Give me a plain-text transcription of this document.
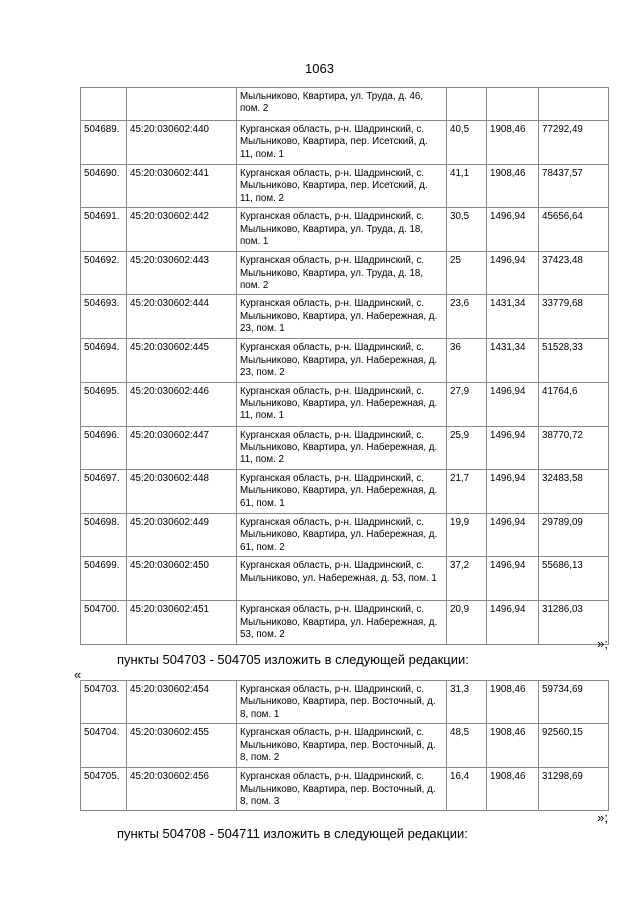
1063
		Мыльниково, Квартира, ул. Труда, д. 46, пом. 2			
504689.	45:20:030602:440	Курганская область, р-н. Шадринский, с. Мыльниково, Квартира, пер. Исетский, д. 11, пом. 1	40,5	1908,46	77292,49
504690.	45:20:030602:441	Курганская область, р-н. Шадринский, с. Мыльниково, Квартира, пер. Исетский, д. 11, пом. 2	41,1	1908,46	78437,57
504691.	45:20:030602:442	Курганская область, р-н. Шадринский, с. Мыльниково, Квартира, ул. Труда, д. 18, пом. 1	30,5	1496,94	45656,64
504692.	45:20:030602:443	Курганская область, р-н. Шадринский, с. Мыльниково, Квартира, ул. Труда, д. 18, пом. 2	25	1496,94	37423,48
504693.	45:20:030602:444	Курганская область, р-н. Шадринский, с. Мыльниково, Квартира, ул. Набережная, д. 23, пом. 1	23,6	1431,34	33779,68
504694.	45:20:030602:445	Курганская область, р-н. Шадринский, с. Мыльниково, Квартира, ул. Набережная, д. 23, пом. 2	36	1431,34	51528,33
504695.	45:20:030602:446	Курганская область, р-н. Шадринский, с. Мыльниково, Квартира, ул. Набережная, д. 11, пом. 1	27,9	1496,94	41764,6
504696.	45:20:030602:447	Курганская область, р-н. Шадринский, с. Мыльниково, Квартира, ул. Набережная, д. 11, пом. 2	25,9	1496,94	38770,72
504697.	45:20:030602:448	Курганская область, р-н. Шадринский, с. Мыльниково, Квартира, ул. Набережная, д. 61, пом. 1	21,7	1496,94	32483,58
504698.	45:20:030602:449	Курганская область, р-н. Шадринский, с. Мыльниково, Квартира, ул. Набережная, д. 61, пом. 2	19,9	1496,94	29789,09
504699.	45:20:030602:450	Курганская область, р-н. Шадринский, с. Мыльниково, ул. Набережная, д. 53, пом. 1	37,2	1496,94	55686,13
504700.	45:20:030602:451	Курганская область, р-н. Шадринский, с. Мыльниково, Квартира, ул. Набережная, д. 53, пом. 2	20,9	1496,94	31286,03
»;
пункты 504703 - 504705 изложить в следующей редакции:
«
504703.	45:20:030602:454	Курганская область, р-н. Шадринский, с. Мыльниково, Квартира, пер. Восточный, д. 8, пом. 1	31,3	1908,46	59734,69
504704.	45:20:030602:455	Курганская область, р-н. Шадринский, с. Мыльниково, Квартира, пер. Восточный, д. 8, пом. 2	48,5	1908,46	92560,15
504705.	45:20:030602:456	Курганская область, р-н. Шадринский, с. Мыльниково, Квартира, пер. Восточный, д. 8, пом. 3	16,4	1908,46	31298,69
»;
пункты 504708 - 504711 изложить в следующей редакции:
